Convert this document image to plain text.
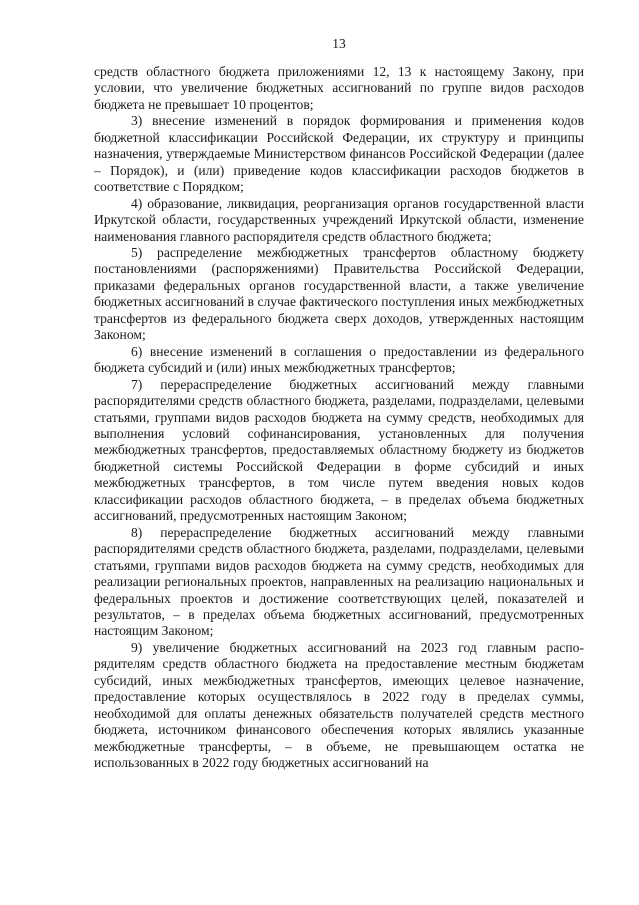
13

средств областного бюджета приложениями 12, 13 к настоящему Закону, при условии, что увеличение бюджетных ассигнований по группе видов расходов бюджета не превышает 10 процентов;

3) внесение изменений в порядок формирования и применения кодов бюджетной классификации Российской Федерации, их структуру и принципы назначения, утверждаемые Министерством финансов Российской Федерации (далее – Порядок), и (или) приведение кодов классификации расходов бюджетов в соответствие с Порядком;

4) образование, ликвидация, реорганизация органов государственной власти Иркутской области, государственных учреждений Иркутской области, изменение наименования главного распорядителя средств областного бюджета;

5) распределение межбюджетных трансфертов областному бюджету постановлениями (распоряжениями) Правительства Российской Федерации, приказами федеральных органов государственной власти, а также увеличение бюджетных ассигнований в случае фактического поступления иных межбюджетных трансфертов из федерального бюджета сверх доходов, утвержденных настоящим Законом;

6) внесение изменений в соглашения о предоставлении из федерального бюджета субсидий и (или) иных межбюджетных трансфертов;

7) перераспределение бюджетных ассигнований между главными распорядителями средств областного бюджета, разделами, подразделами, целевыми статьями, группами видов расходов бюджета на сумму средств, необходимых для выполнения условий софинансирования, установленных для получения межбюджетных трансфертов, предоставляемых областному бюджету из бюджетов бюджетной системы Российской Федерации в форме субсидий и иных межбюджетных трансфертов, в том числе путем введения новых кодов классификации расходов областного бюджета, – в пределах объема бюджетных ассигнований, предусмотренных настоящим Законом;

8) перераспределение бюджетных ассигнований между главными распорядителями средств областного бюджета, разделами, подразделами, целевыми статьями, группами видов расходов бюджета на сумму средств, необходимых для реализации региональных проектов, направленных на реализацию национальных и федеральных проектов и достижение соответствующих целей, показателей и результатов, – в пределах объема бюджетных ассигнований, предусмотренных настоящим Законом;

9) увеличение бюджетных ассигнований на 2023 год главным распорядителям средств областного бюджета на предоставление местным бюджетам субсидий, иных межбюджетных трансфертов, имеющих целевое назначение, предоставление которых осуществлялось в 2022 году в пределах суммы, необходимой для оплаты денежных обязательств получателей средств местного бюджета, источником финансового обеспечения которых являлись указанные межбюджетные трансферты, – в объеме, не превышающем остатка не использованных в 2022 году бюджетных ассигнований на
